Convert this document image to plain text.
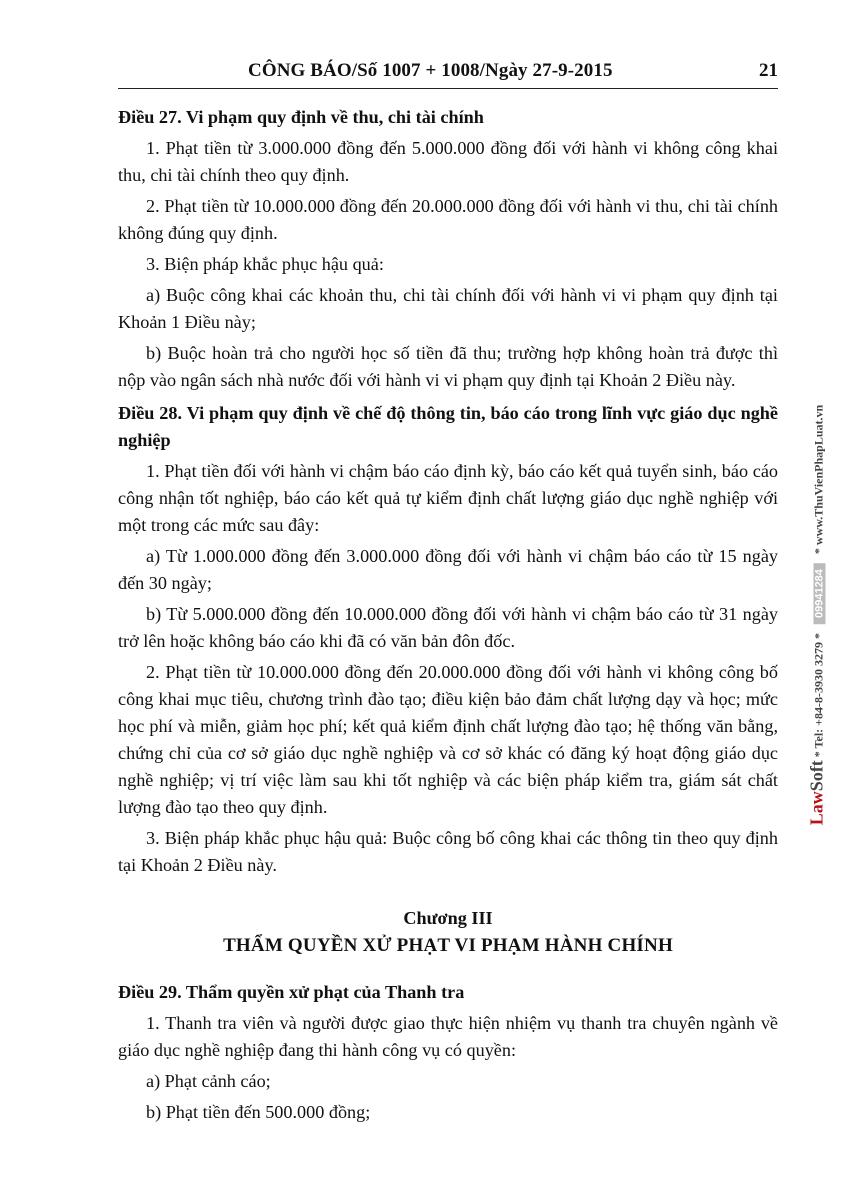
CÔNG BÁO/Số 1007 + 1008/Ngày 27-9-2015	21
Điều 27. Vi phạm quy định về thu, chi tài chính
1. Phạt tiền từ 3.000.000 đồng đến 5.000.000 đồng đối với hành vi không công khai thu, chi tài chính theo quy định.
2. Phạt tiền từ 10.000.000 đồng đến 20.000.000 đồng đối với hành vi thu, chi tài chính không đúng quy định.
3. Biện pháp khắc phục hậu quả:
a) Buộc công khai các khoản thu, chi tài chính đối với hành vi vi phạm quy định tại Khoản 1 Điều này;
b) Buộc hoàn trả cho người học số tiền đã thu; trường hợp không hoàn trả được thì nộp vào ngân sách nhà nước đối với hành vi vi phạm quy định tại Khoản 2 Điều này.
Điều 28. Vi phạm quy định về chế độ thông tin, báo cáo trong lĩnh vực giáo dục nghề nghiệp
1. Phạt tiền đối với hành vi chậm báo cáo định kỳ, báo cáo kết quả tuyển sinh, báo cáo công nhận tốt nghiệp, báo cáo kết quả tự kiểm định chất lượng giáo dục nghề nghiệp với một trong các mức sau đây:
a) Từ 1.000.000 đồng đến 3.000.000 đồng đối với hành vi chậm báo cáo từ 15 ngày đến 30 ngày;
b) Từ 5.000.000 đồng đến 10.000.000 đồng đối với hành vi chậm báo cáo từ 31 ngày trở lên hoặc không báo cáo khi đã có văn bản đôn đốc.
2. Phạt tiền từ 10.000.000 đồng đến 20.000.000 đồng đối với hành vi không công bố công khai mục tiêu, chương trình đào tạo; điều kiện bảo đảm chất lượng dạy và học; mức học phí và miễn, giảm học phí; kết quả kiểm định chất lượng đào tạo; hệ thống văn bằng, chứng chỉ của cơ sở giáo dục nghề nghiệp và cơ sở khác có đăng ký hoạt động giáo dục nghề nghiệp; vị trí việc làm sau khi tốt nghiệp và các biện pháp kiểm tra, giám sát chất lượng đào tạo theo quy định.
3. Biện pháp khắc phục hậu quả: Buộc công bố công khai các thông tin theo quy định tại Khoản 2 Điều này.
Chương III
THẨM QUYỀN XỬ PHẠT VI PHẠM HÀNH CHÍNH
Điều 29. Thẩm quyền xử phạt của Thanh tra
1. Thanh tra viên và người được giao thực hiện nhiệm vụ thanh tra chuyên ngành về giáo dục nghề nghiệp đang thi hành công vụ có quyền:
a) Phạt cảnh cáo;
b) Phạt tiền đến 500.000 đồng;
LawSoft * Tel: +84-8-3930 3279 * 09941284 * www.ThuVienPhapLuat.vn
